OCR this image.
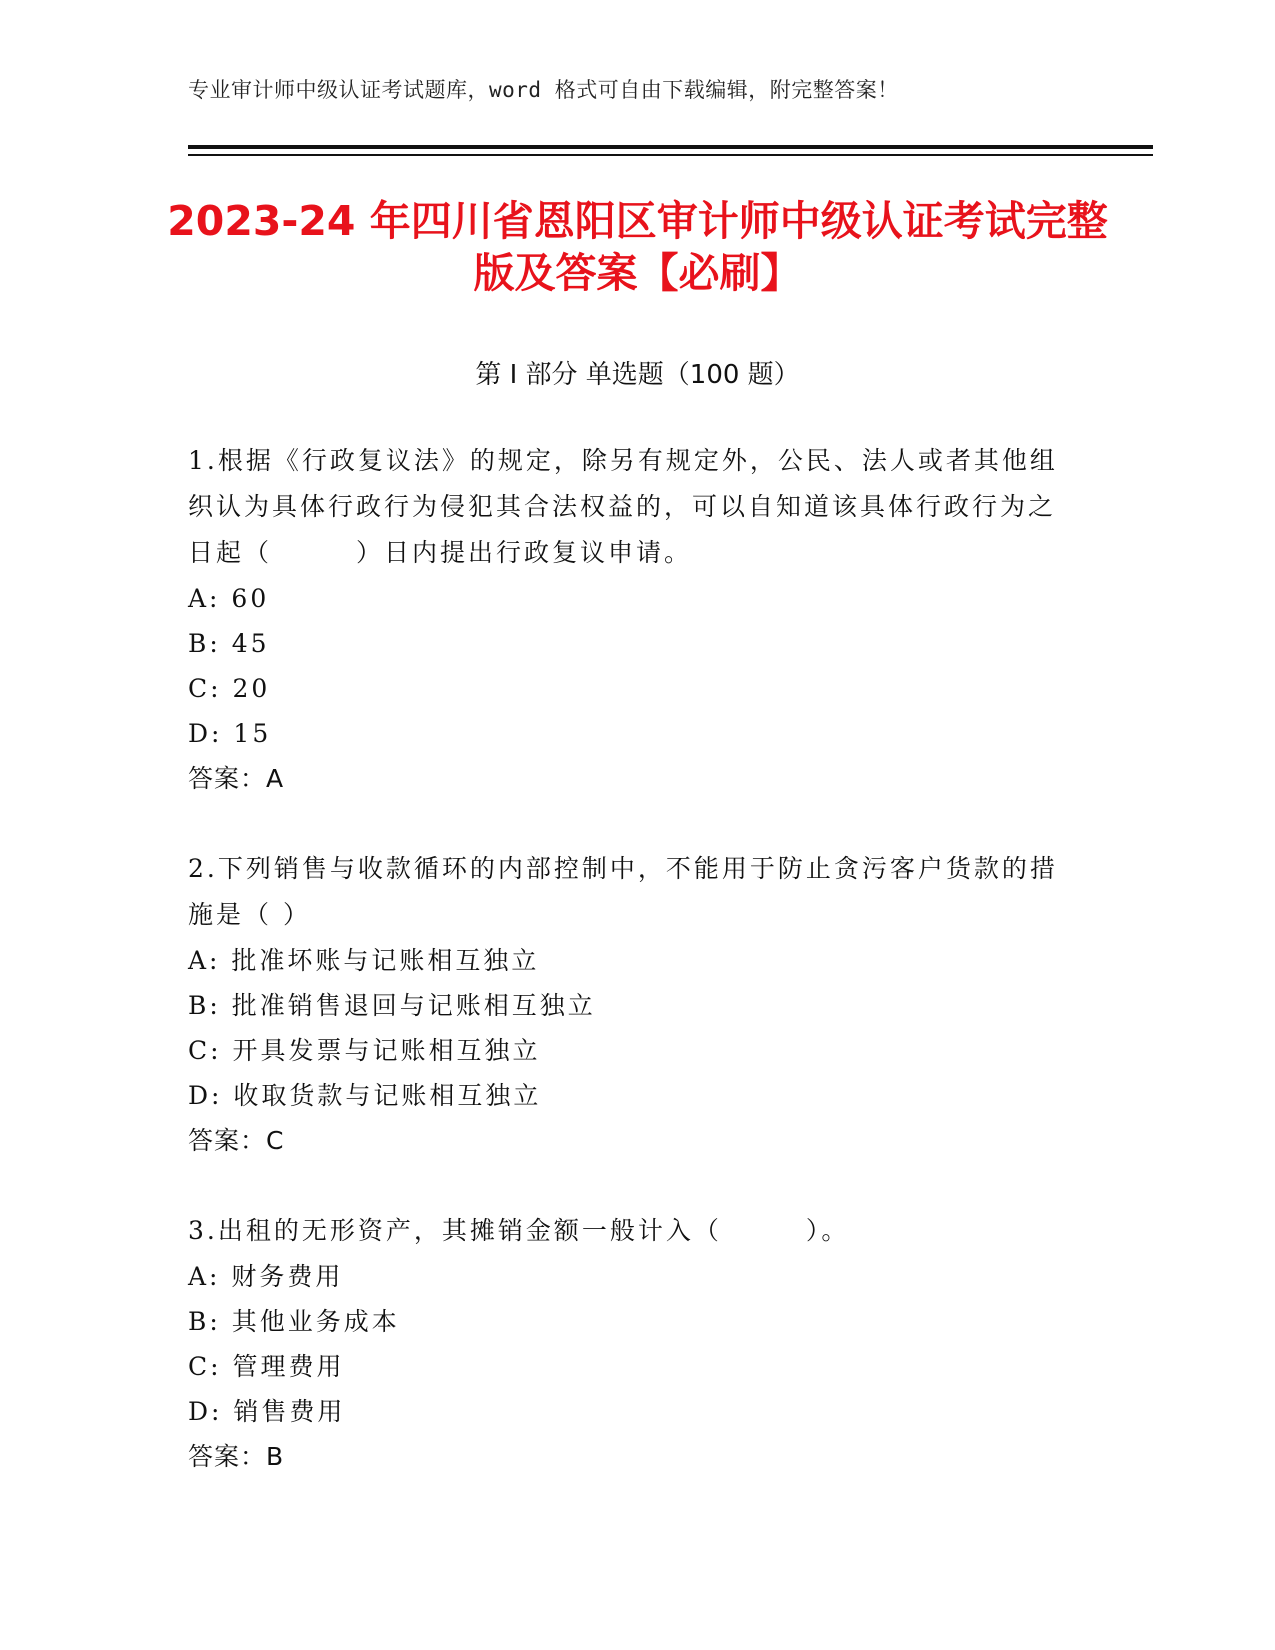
专业审计师中级认证考试题库，word 格式可自由下载编辑，附完整答案！
2023-24 年四川省恩阳区审计师中级认证考试完整版及答案【必刷】
第 I 部分 单选题（100 题）
1.根据《行政复议法》的规定，除另有规定外，公民、法人或者其他组织认为具体行政行为侵犯其合法权益的，可以自知道该具体行政行为之日起（　　　）日内提出行政复议申请。
A: 60
B: 45
C: 20
D: 15
答案：A
2.下列销售与收款循环的内部控制中，不能用于防止贪污客户货款的措施是（ ）
A: 批准坏账与记账相互独立
B: 批准销售退回与记账相互独立
C: 开具发票与记账相互独立
D: 收取货款与记账相互独立
答案：C
3.出租的无形资产，其摊销金额一般计入（　　　）。
A: 财务费用
B: 其他业务成本
C: 管理费用
D: 销售费用
答案：B
